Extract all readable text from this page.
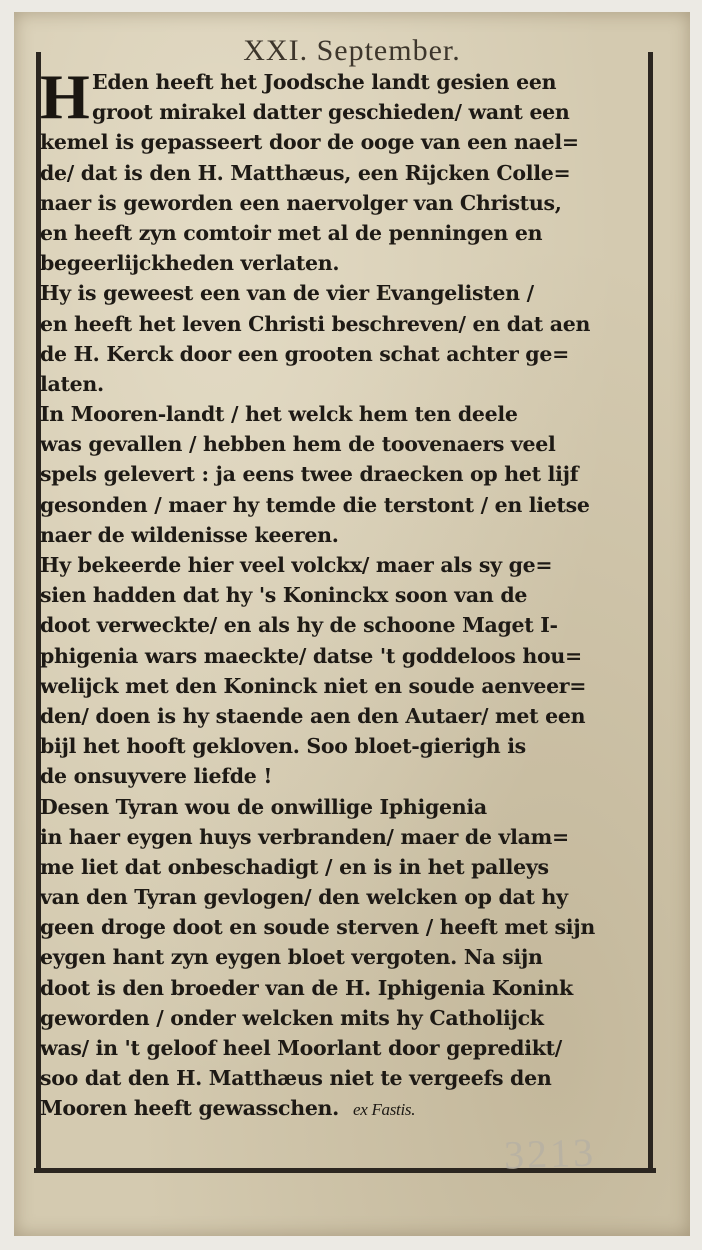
XXI. September.
H Eden heeft het Joodsche landt gesien een
groot mirakel datter geschieden/ want een
kemel is gepasseert door de ooge van een nael=
de/ dat is den H. Matthæus, een Rijcken Colle=
naer is geworden een naervolger van Christus,
en heeft zyn comtoir met al de penningen en
begeerlijckheden verlaten.
Hy is geweest een van de vier Evangelisten /
en heeft het leven Christi beschreven/ en dat aen
de H. Kerck door een grooten schat achter ge=
laten.
In Mooren-landt / het welck hem ten deele
was gevallen / hebben hem de toovenaers veel
spels gelevert : ja eens twee draecken op het lijf
gesonden / maer hy temde die terstont / en lietse
naer de wildenisse keeren.
Hy bekeerde hier veel volckx/ maer als sy ge=
sien hadden dat hy 's Koninckx soon van de
doot verweckte/ en als hy de schoone Maget I-
phigenia wars maeckte/ datse 't goddeloos hou=
welijck met den Koninck niet en soude aenveer=
den/ doen is hy staende aen den Autaer/ met een
bijl het hooft gekloven. Soo bloet-gierigh is
de onsuyvere liefde !
Desen Tyran wou de onwillige Iphigenia
in haer eygen huys verbranden/ maer de vlam=
me liet dat onbeschadigt / en is in het palleys
van den Tyran gevlogen/ den welcken op dat hy
geen droge doot en soude sterven / heeft met sijn
eygen hant zyn eygen bloet vergoten. Na sijn
doot is den broeder van de H. Iphigenia Konink
geworden / onder welcken mits hy Catholijck
was/ in 't geloof heel Moorlant door gepredikt/
soo dat den H. Matthæus niet te vergeefs den
Mooren heeft gewasschen. ex Fastis.
3213
